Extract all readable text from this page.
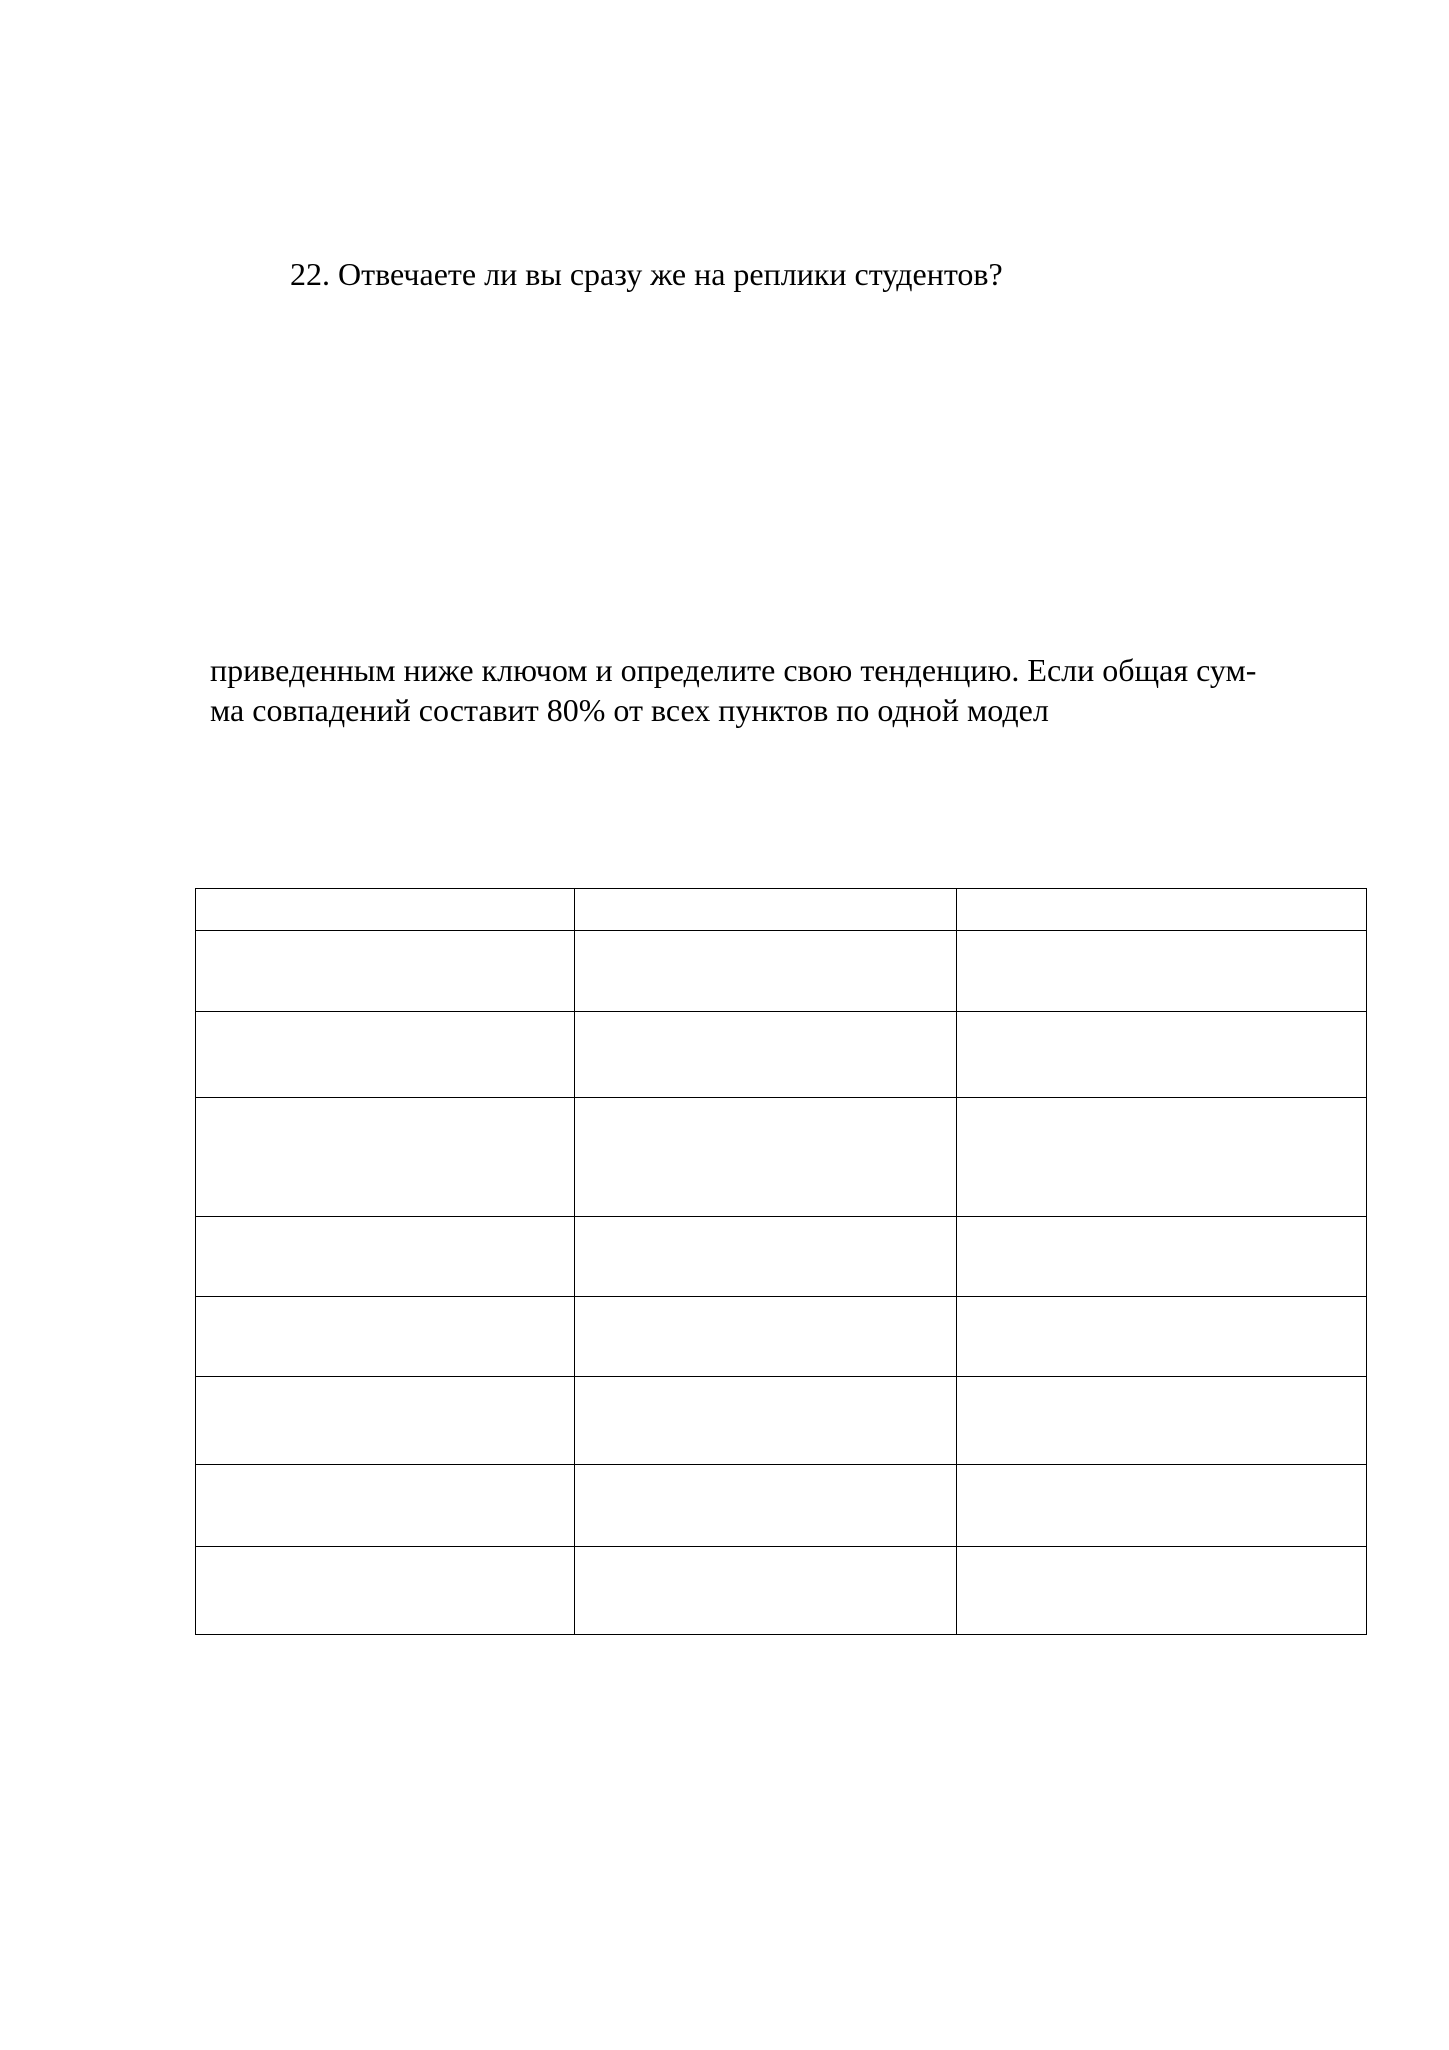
22. Отвечаете ли вы сразу же на реплики студентов?
приведенным ниже ключом и определите свою тенденцию. Если общая сум-
ма совпадений составит 80% от всех пунктов по одной модел
